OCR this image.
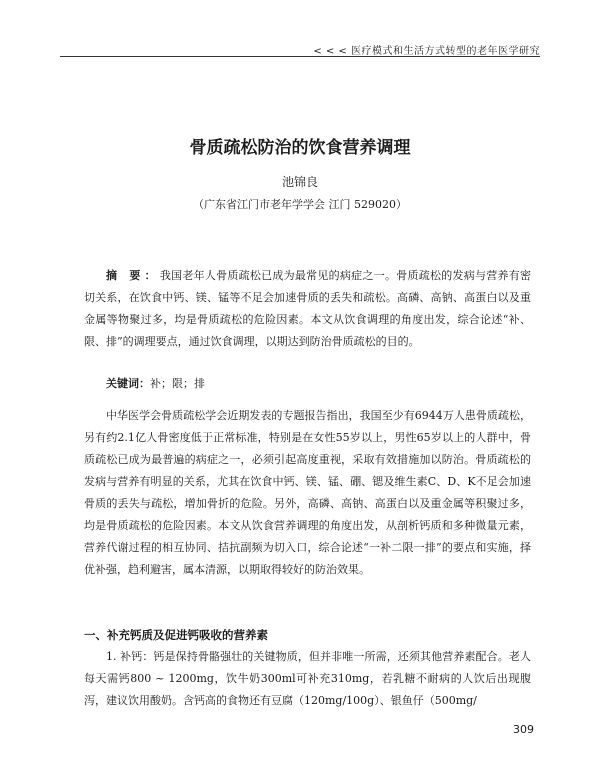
< < < 医疗模式和生活方式转型的老年医学研究
骨质疏松防治的饮食营养调理
池锦良
（广东省江门市老年学学会 江门 529020）

摘 要：我国老年人骨质疏松已成为最常见的病症之一。骨质疏松的发病与营养有密切关系，在饮食中钙、镁、锰等不足会加速骨质的丢失和疏松。高磷、高钠、高蛋白以及重金属等物聚过多，均是骨质疏松的危险因素。本文从饮食调理的角度出发，综合论述“补、限、排”的调理要点，通过饮食调理，以期达到防治骨质疏松的目的。

关键词：补；限；排

中华医学会骨质疏松学会近期发表的专题报告指出，我国至少有6944万人患骨质疏松，另有约2.1亿人骨密度低于正常标准，特别是在女性55岁以上，男性65岁以上的人群中，骨质疏松已成为最普遍的病症之一，必须引起高度重视，采取有效措施加以防治。骨质疏松的发病与营养有明显的关系，尤其在饮食中钙、镁、锰、硼、锶及维生素C、D、K不足会加速骨质的丢失与疏松，增加骨折的危险。另外，高磷、高钠、高蛋白以及重金属等积聚过多，均是骨质疏松的危险因素。本文从饮食营养调理的角度出发，从剖析钙质和多种微量元素，营养代谢过程的相互协同、拮抗副频为切入口，综合论述“一补二限一排”的要点和实施，择优补强，趋利避害，属本清源，以期取得较好的防治效果。

一、补充钙质及促进钙吸收的营养素

1. 补钙：钙是保持骨骼强壮的关键物质，但并非唯一所需，还须其他营养素配合。老人每天需钙800 ~ 1200mg，饮牛奶300ml可补充310mg，若乳糖不耐病的人饮后出现腹泻，建议饮用酸奶。含钙高的食物还有豆腐（120mg/100g）、银鱼仔（500mg/

309
